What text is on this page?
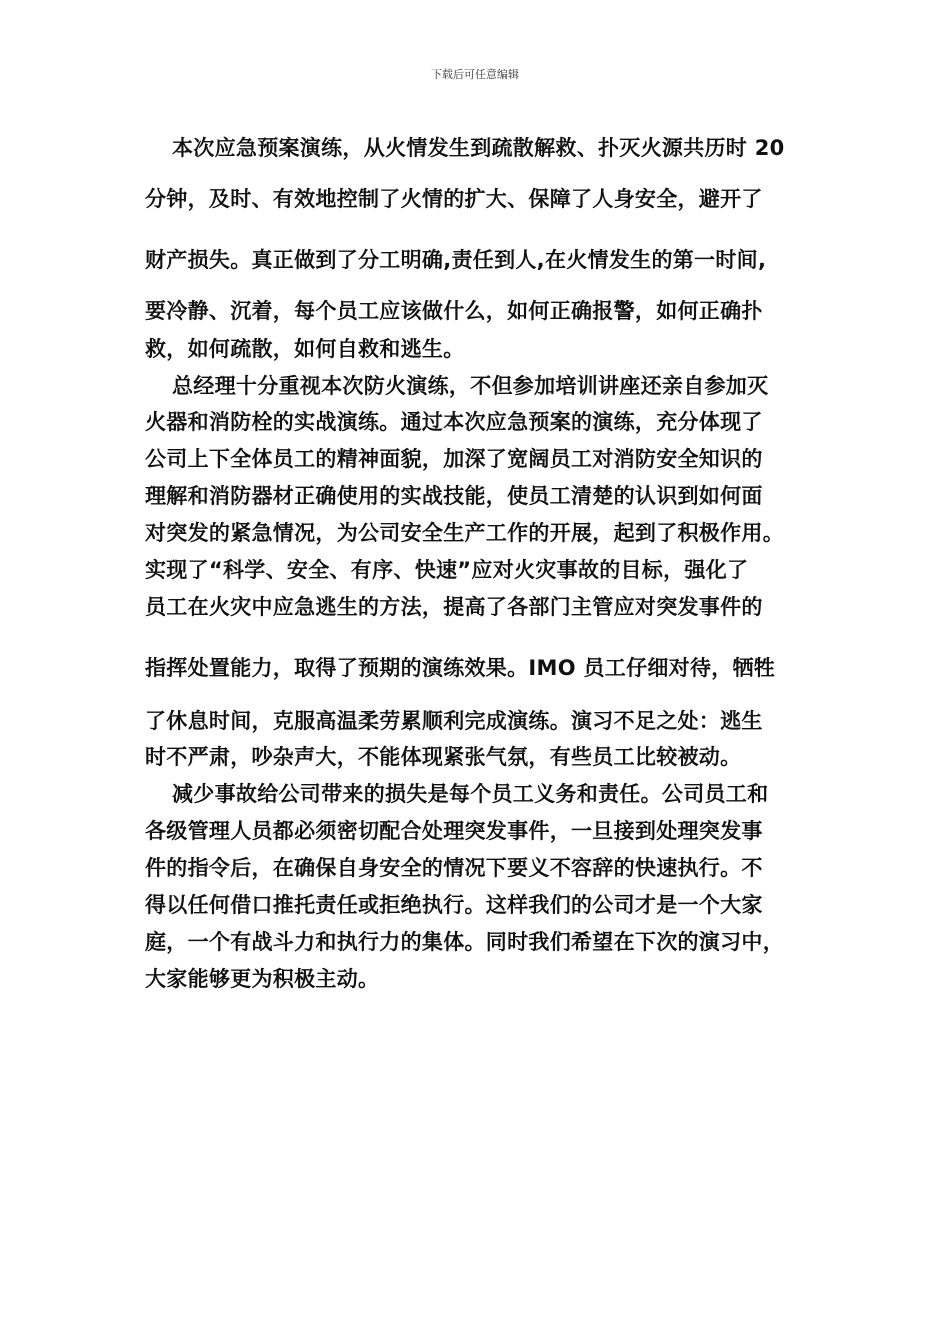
下载后可任意编辑
本次应急预案演练，从火情发生到疏散解救、扑灭火源共历时 20
分钟，及时、有效地控制了火情的扩大、保障了人身安全，避开了
财产损失。真正做到了分工明确,责任到人,在火情发生的第一时间,
要冷静、沉着，每个员工应该做什么，如何正确报警，如何正确扑
救，如何疏散，如何自救和逃生。
总经理十分重视本次防火演练，不但参加培训讲座还亲自参加灭
火器和消防栓的实战演练。通过本次应急预案的演练，充分体现了
公司上下全体员工的精神面貌，加深了宽阔员工对消防安全知识的
理解和消防器材正确使用的实战技能，使员工清楚的认识到如何面
对突发的紧急情况，为公司安全生产工作的开展，起到了积极作用。
实现了“科学、安全、有序、快速”应对火灾事故的目标，强化了
员工在火灾中应急逃生的方法，提高了各部门主管应对突发事件的
指挥处置能力，取得了预期的演练效果。IMO 员工仔细对待，牺牲
了休息时间，克服高温柔劳累顺利完成演练。演习不足之处：逃生
时不严肃，吵杂声大，不能体现紧张气氛，有些员工比较被动。
减少事故给公司带来的损失是每个员工义务和责任。公司员工和
各级管理人员都必须密切配合处理突发事件，一旦接到处理突发事
件的指令后，在确保自身安全的情况下要义不容辞的快速执行。不
得以任何借口推托责任或拒绝执行。这样我们的公司才是一个大家
庭，一个有战斗力和执行力的集体。同时我们希望在下次的演习中，
大家能够更为积极主动。
